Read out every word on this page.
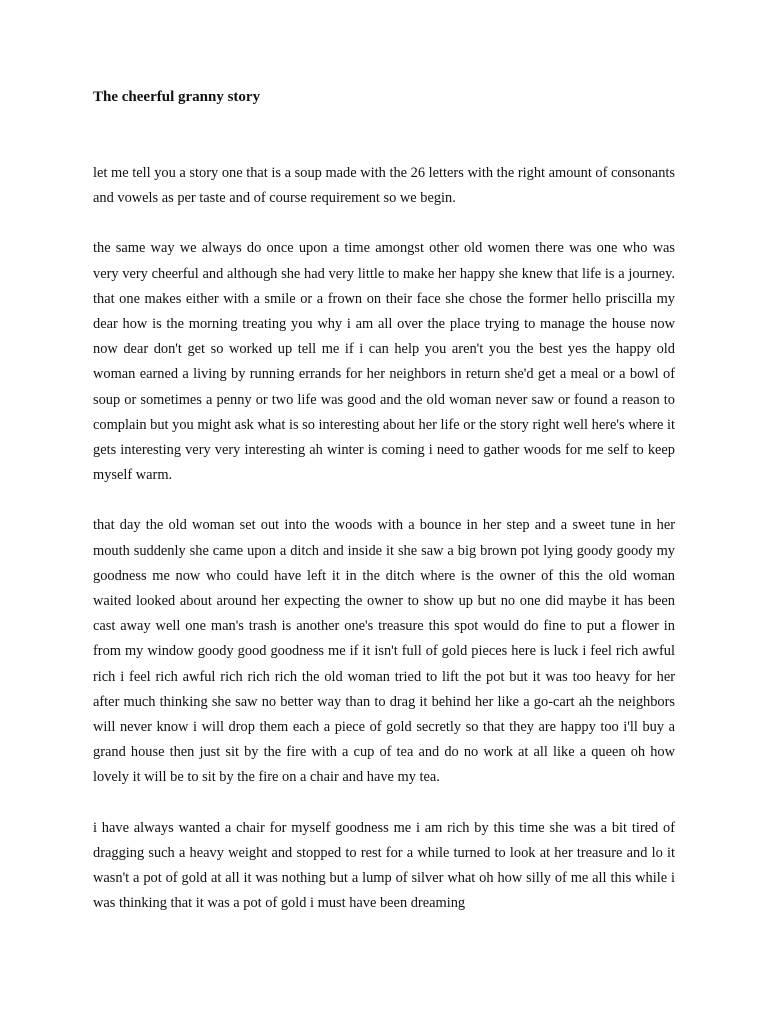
The cheerful granny story

let me tell you a story one that is a soup made with the 26 letters with the right amount of consonants and vowels as per taste and of course requirement so we begin.

the same way we always do once upon a time amongst other old women there was one who was very very cheerful and although she had very little to make her happy she knew that life is a journey. that one makes either with a smile or a frown on their face she chose the former hello priscilla my dear how is the morning treating you why i am all over the place trying to manage the house now now dear don't get so worked up tell me if i can help you aren't you the best yes the happy old woman earned a living by running errands for her neighbors in return she'd get a meal or a bowl of soup or sometimes a penny or two life was good and the old woman never saw or found a reason to complain but you might ask what is so interesting about her life or the story right well here's where it gets interesting very very interesting ah winter is coming i need to gather woods for me self to keep myself warm.

that day the old woman set out into the woods with a bounce in her step and a sweet tune in her mouth suddenly she came upon a ditch and inside it she saw a big brown pot lying goody goody my goodness me now who could have left it in the ditch where is the owner of this the old woman waited looked about around her expecting the owner to show up but no one did maybe it has been cast away well one man's trash is another one's treasure this spot would do fine to put a flower in from my window goody good goodness me if it isn't full of gold pieces here is luck i feel rich awful rich i feel rich awful rich rich rich the old woman tried to lift the pot but it was too heavy for her after much thinking she saw no better way than to drag it behind her like a go-cart ah the neighbors will never know i will drop them each a piece of gold secretly so that they are happy too i'll buy a grand house then just sit by the fire with a cup of tea and do no work at all like a queen oh how lovely it will be to sit by the fire on a chair and have my tea.

i have always wanted a chair for myself goodness me i am rich by this time she was a bit tired of dragging such a heavy weight and stopped to rest for a while turned to look at her treasure and lo it wasn't a pot of gold at all it was nothing but a lump of silver what oh how silly of me all this while i was thinking that it was a pot of gold i must have been dreaming
